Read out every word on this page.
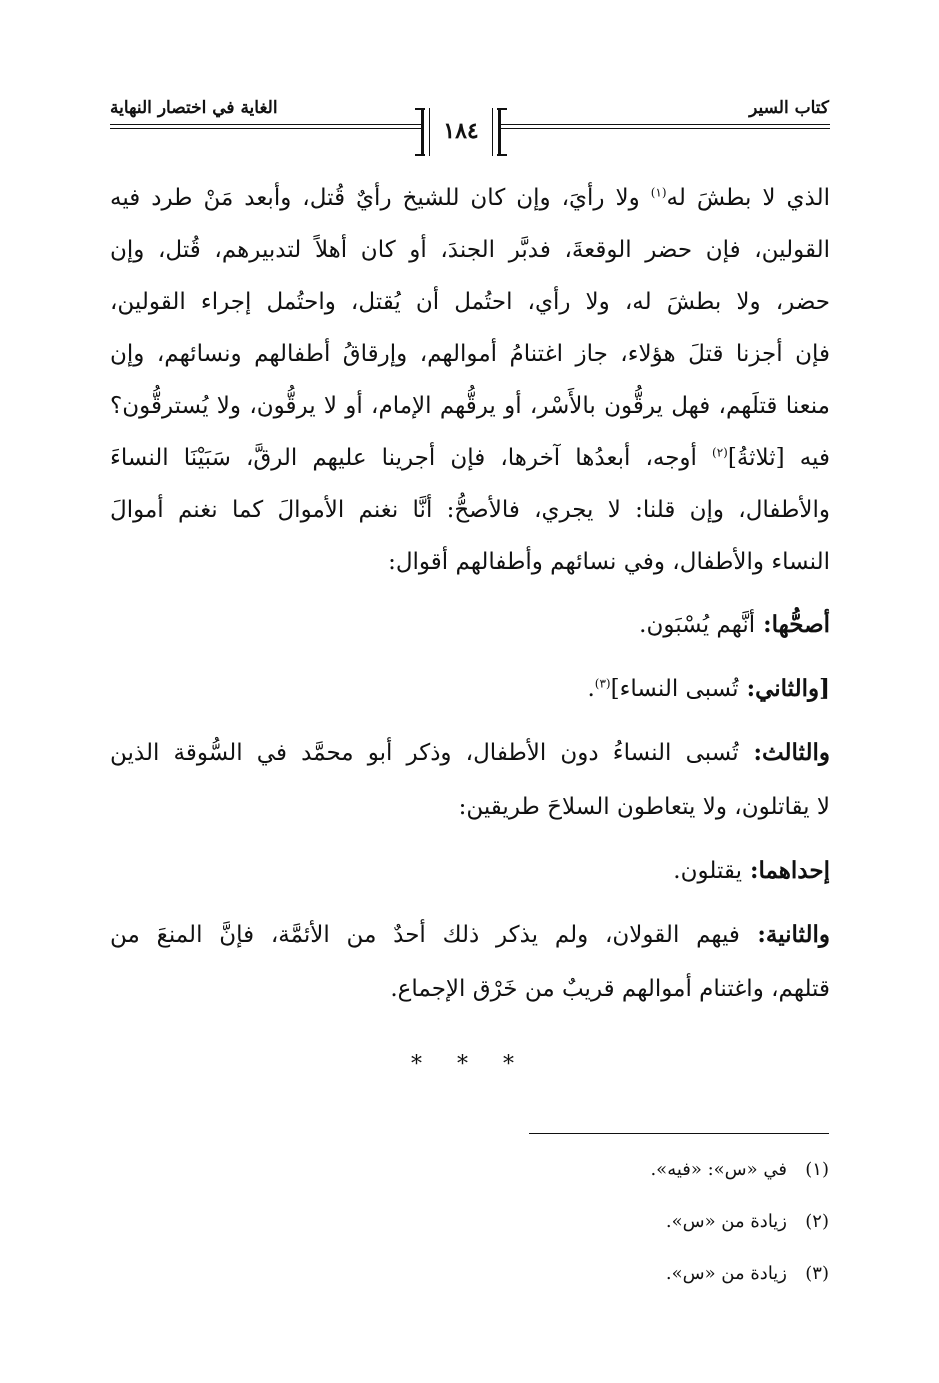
كتاب السير
الغاية في اختصار النهاية
١٨٤
الذي لا بطشَ له$^{(١)}$ ولا رأيَ، وإن كان للشيخ رأيٌ قُتل، وأبعد مَنْ طرد فيه
القولين، فإن حضر الوقعةَ، فدبَّر الجندَ، أو كان أهلاً لتدبيرهم، قُتل، وإن
حضر، ولا بطشَ له، ولا رأي، احتُمل أن يُقتل، واحتُمل إجراء القولين،
فإن أجزنا قتلَ هؤلاء، جاز اغتنامُ أموالهم، وإرقاقُ أطفالهم ونسائهم، وإن
منعنا قتلَهم، فهل يرقُّون بالأَسْر، أو يرقُّهم الإمام، أو لا يرقُّون، ولا يُسترقُّون؟
فيه [ثلاثةُ]$^{(٢)}$ أوجه، أبعدُها آخرها، فإن أجرينا عليهم الرقَّ، سَبَيْنَا النساءَ
والأطفال، وإن قلنا: لا يجري، فالأصحُّ: أنَّا نغنم الأموالَ كما نغنم أموالَ
النساء والأطفال، وفي نسائهم وأطفالهم أقوال:
أصحُّها: أنَّهم يُسْبَون.
[والثاني: تُسبى النساء]$^{(٣)}$.
والثالث: تُسبى النساءُ دون الأطفال، وذكر أبو محمَّد في السُّوقة الذين
لا يقاتلون، ولا يتعاطون السلاحَ طريقين:
إحداهما: يقتلون.
والثانية: فيهم القولان، ولم يذكر ذلك أحدٌ من الأئمَّة، فإنَّ المنعَ من
قتلهم، واغتنام أموالهم قريبٌ من خَرْق الإجماع.
* * *
(١)في «س»: «فيه».
(٢)زيادة من «س».
(٣)زيادة من «س».
